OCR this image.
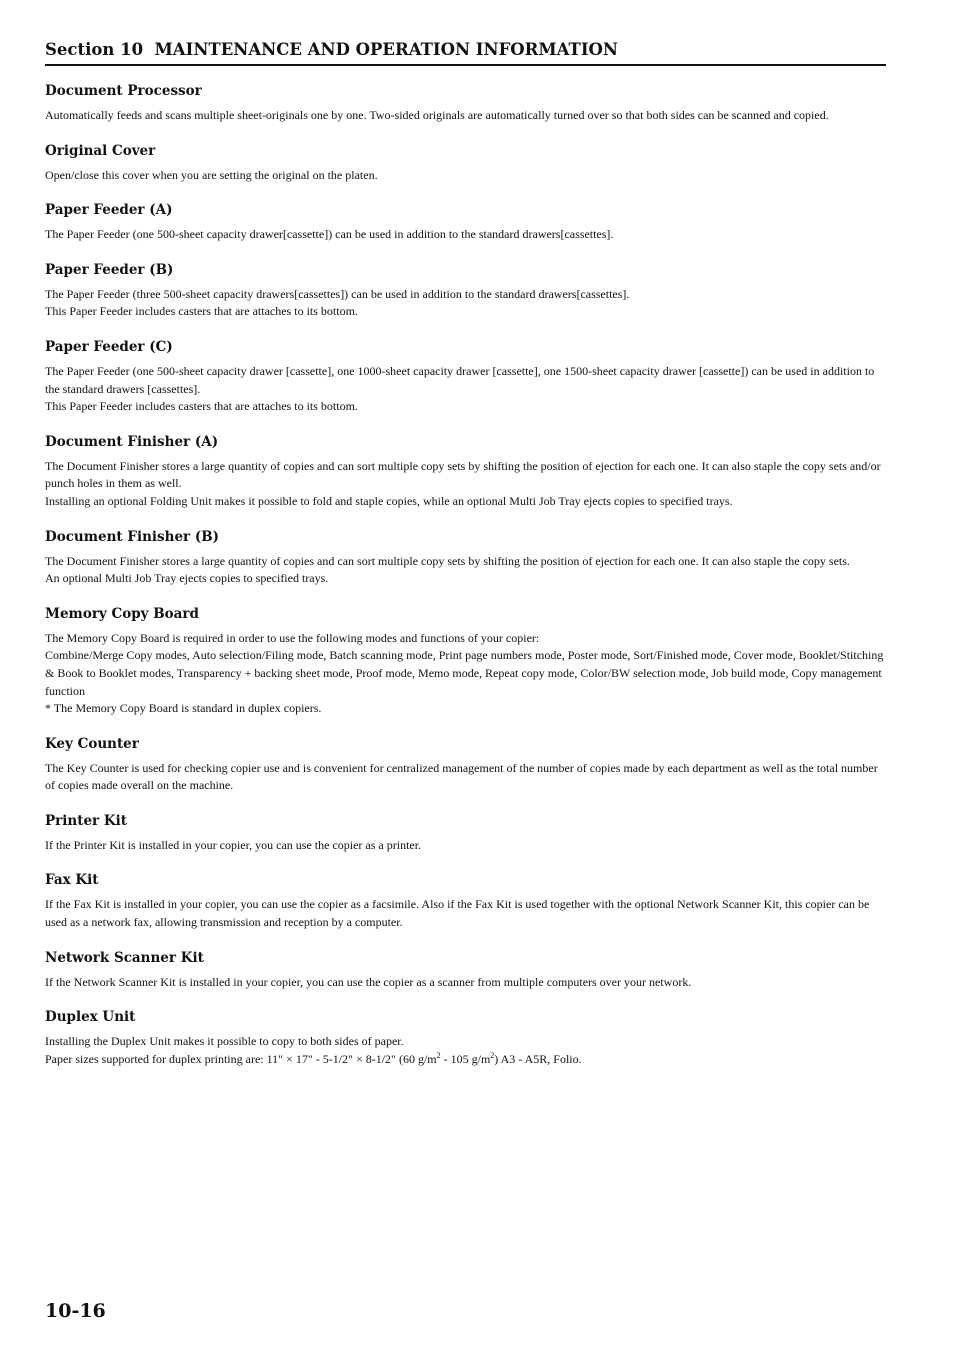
Section 10  MAINTENANCE AND OPERATION INFORMATION
Document Processor

Automatically feeds and scans multiple sheet-originals one by one. Two-sided originals are automatically turned over so that both sides can be scanned and copied.

Original Cover

Open/close this cover when you are setting the original on the platen.

Paper Feeder (A)

The Paper Feeder (one 500-sheet capacity drawer[cassette]) can be used in addition to the standard drawers[cassettes].

Paper Feeder (B)

The Paper Feeder (three 500-sheet capacity drawers[cassettes]) can be used in addition to the standard drawers[cassettes].

This Paper Feeder includes casters that are attaches to its bottom.

Paper Feeder (C)

The Paper Feeder (one 500-sheet capacity drawer [cassette], one 1000-sheet capacity drawer [cassette], one 1500-sheet capacity drawer [cassette]) can be used in addition to the standard drawers [cassettes].

This Paper Feeder includes casters that are attaches to its bottom.

Document Finisher (A)

The Document Finisher stores a large quantity of copies and can sort multiple copy sets by shifting the position of ejection for each one. It can also staple the copy sets and/or punch holes in them as well.

Installing an optional Folding Unit makes it possible to fold and staple copies, while an optional Multi Job Tray ejects copies to specified trays.

Document Finisher (B)

The Document Finisher stores a large quantity of copies and can sort multiple copy sets by shifting the position of ejection for each one. It can also staple the copy sets.

An optional Multi Job Tray ejects copies to specified trays.

Memory Copy Board

The Memory Copy Board is required in order to use the following modes and functions of your copier:

Combine/Merge Copy modes, Auto selection/Filing mode, Batch scanning mode, Print page numbers mode, Poster mode, Sort/Finished mode, Cover mode, Booklet/Stitching & Book to Booklet modes, Transparency + backing sheet mode, Proof mode, Memo mode, Repeat copy mode, Color/BW selection mode, Job build mode, Copy management function

* The Memory Copy Board is standard in duplex copiers.

Key Counter

The Key Counter is used for checking copier use and is convenient for centralized management of the number of copies made by each department as well as the total number of copies made overall on the machine.

Printer Kit

If the Printer Kit is installed in your copier, you can use the copier as a printer.

Fax Kit

If the Fax Kit is installed in your copier, you can use the copier as a facsimile. Also if the Fax Kit is used together with the optional Network Scanner Kit, this copier can be used as a network fax, allowing transmission and reception by a computer.

Network Scanner Kit

If the Network Scanner Kit is installed in your copier, you can use the copier as a scanner from multiple computers over your network.

Duplex Unit

Installing the Duplex Unit makes it possible to copy to both sides of paper.

Paper sizes supported for duplex printing are: 11" × 17" - 5-1/2" × 8-1/2" (60 $g/m^2 - 105$ $g/m^2$) A3 - A5R, Folio.

10-16
